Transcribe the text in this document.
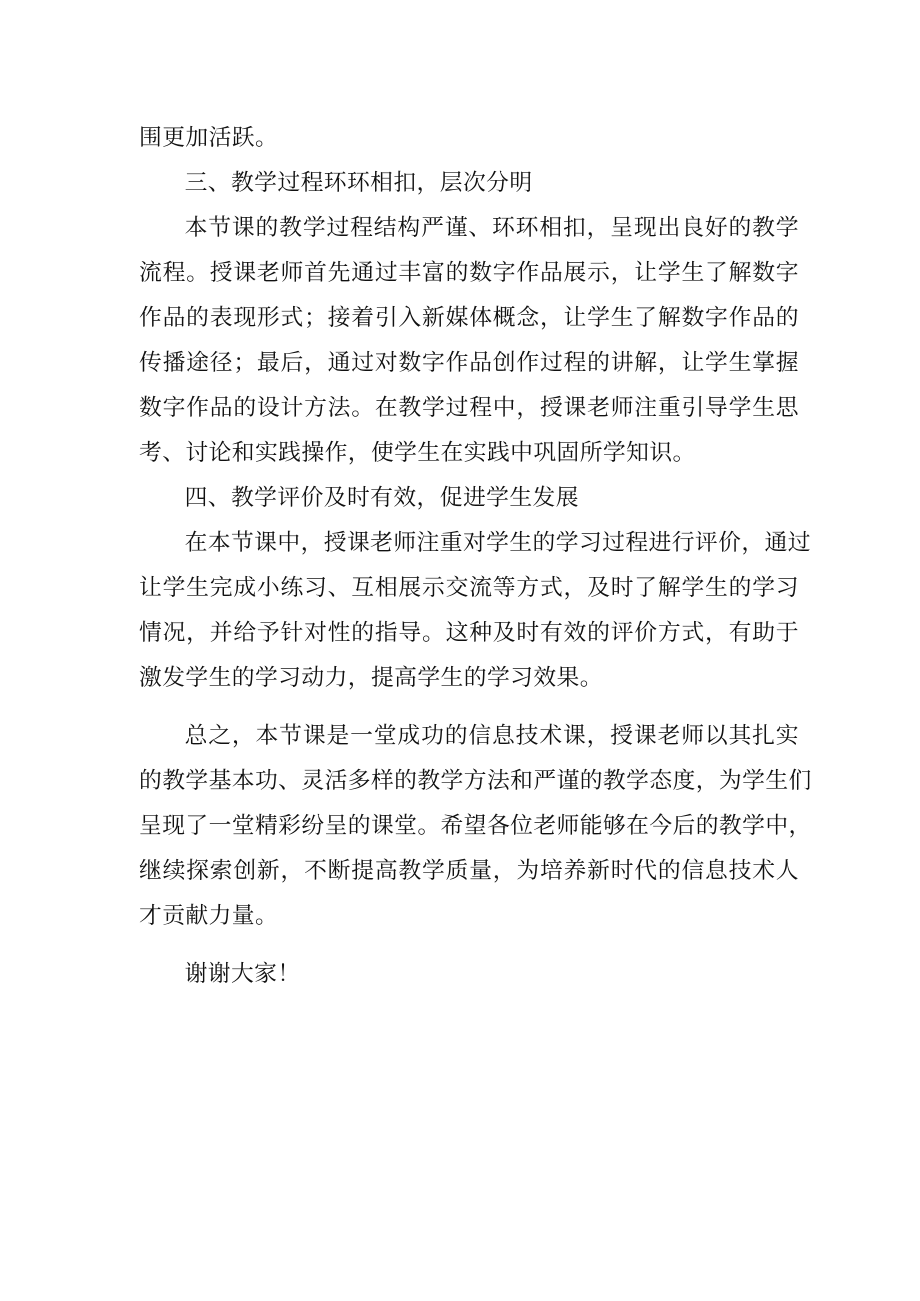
围更加活跃。

三、教学过程环环相扣，层次分明

本节课的教学过程结构严谨、环环相扣，呈现出良好的教学
流程。授课老师首先通过丰富的数字作品展示，让学生了解数字
作品的表现形式；接着引入新媒体概念，让学生了解数字作品的
传播途径；最后，通过对数字作品创作过程的讲解，让学生掌握
数字作品的设计方法。在教学过程中，授课老师注重引导学生思
考、讨论和实践操作，使学生在实践中巩固所学知识。

四、教学评价及时有效，促进学生发展

在本节课中，授课老师注重对学生的学习过程进行评价，通过
让学生完成小练习、互相展示交流等方式，及时了解学生的学习
情况，并给予针对性的指导。这种及时有效的评价方式，有助于
激发学生的学习动力，提高学生的学习效果。

总之，本节课是一堂成功的信息技术课，授课老师以其扎实
的教学基本功、灵活多样的教学方法和严谨的教学态度，为学生们
呈现了一堂精彩纷呈的课堂。希望各位老师能够在今后的教学中，
继续探索创新，不断提高教学质量，为培养新时代的信息技术人
才贡献力量。

谢谢大家！
